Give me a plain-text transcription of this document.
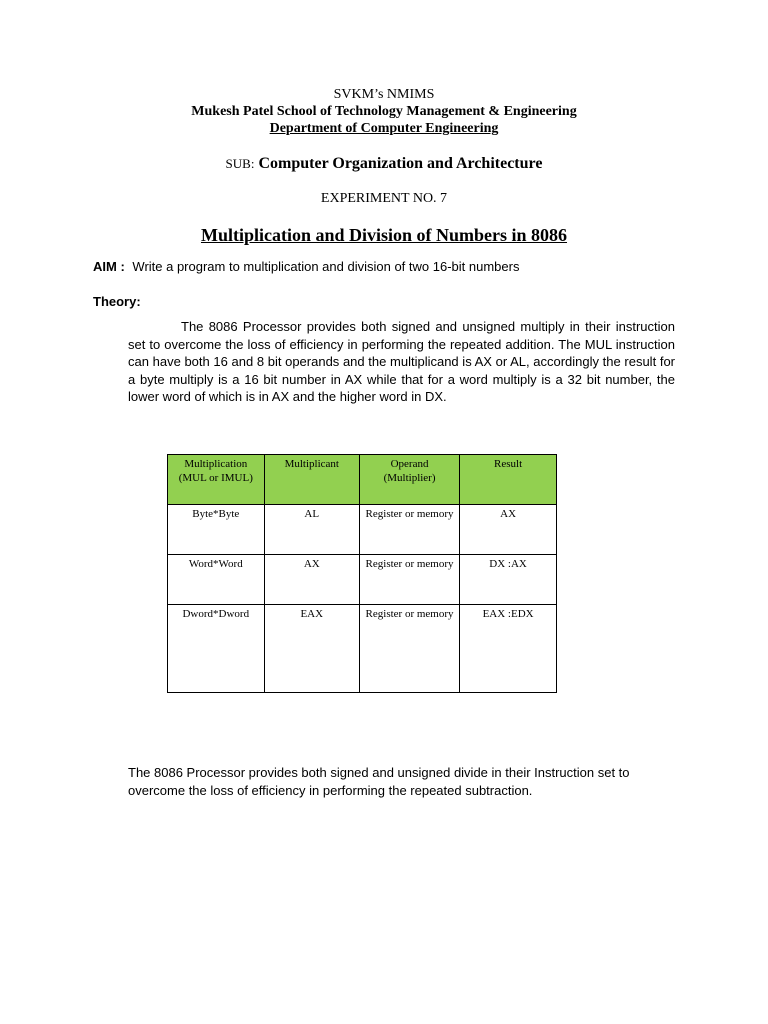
SVKM’s NMIMS
Mukesh Patel School of Technology Management & Engineering
Department of Computer Engineering
SUB: Computer Organization and Architecture
EXPERIMENT NO. 7
Multiplication and Division of Numbers in 8086
AIM : Write a program to multiplication and division of two 16-bit numbers
Theory:
The 8086 Processor provides both signed and unsigned multiply in their instruction set to overcome the loss of efficiency in performing the repeated addition. The MUL instruction can have both 16 and 8 bit operands and the multiplicand is AX or AL, accordingly the result for a byte multiply is a 16 bit number in AX while that for a word multiply is a 32 bit number, the lower word of which is in AX and the higher word in DX.
Multiplication (MUL or IMUL)	Multiplicant	Operand (Multiplier)	Result
Byte*Byte	AL	Register or memory	AX
Word*Word	AX	Register or memory	DX :AX
Dword*Dword	EAX	Register or memory	EAX :EDX
The 8086 Processor provides both signed and unsigned divide in their Instruction set to overcome the loss of efficiency in performing the repeated subtraction.
